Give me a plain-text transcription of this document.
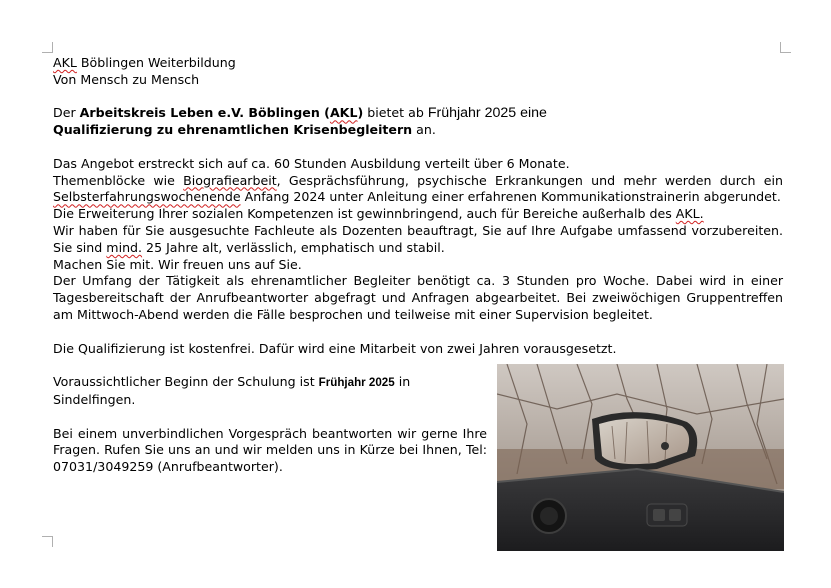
AKL Böblingen Weiterbildung

Von Mensch zu Mensch

Der Arbeitskreis Leben e.V. Böblingen (AKL) bietet ab Frühjahr 2025 eine
Qualifizierung zu ehrenamtlichen Krisenbegleitern an.

Das Angebot erstreckt sich auf ca. 60 Stunden Ausbildung verteilt über 6 Monate.

Themenblöcke wie Biografiearbeit, Gesprächsführung, psychische Erkrankungen und mehr werden durch ein Selbsterfahrungswochenende Anfang 2024 unter Anleitung einer erfahrenen Kommunikationstrainerin abgerundet.

Die Erweiterung Ihrer sozialen Kompetenzen ist gewinnbringend, auch für Bereiche außerhalb des AKL.

Wir haben für Sie ausgesuchte Fachleute als Dozenten beauftragt, Sie auf Ihre Aufgabe umfassend vorzubereiten. Sie sind mind. 25 Jahre alt, verlässlich, emphatisch und stabil.

Machen Sie mit. Wir freuen uns auf Sie.

Der Umfang der Tätigkeit als ehrenamtlicher Begleiter benötigt ca. 3 Stunden pro Woche. Dabei wird in einer Tagesbereitschaft der Anrufbeantworter abgefragt und Anfragen abgearbeitet. Bei zweiwöchigen Gruppentreffen am Mittwoch-Abend werden die Fälle besprochen und teilweise mit einer Supervision begleitet.

Die Qualifizierung ist kostenfrei. Dafür wird eine Mitarbeit von zwei Jahren vorausgesetzt.

Voraussichtlicher Beginn der Schulung ist Frühjahr 2025 in Sindelfingen.

Bei einem unverbindlichen Vorgespräch beantworten wir gerne Ihre Fragen. Rufen Sie uns an und wir melden uns in Kürze bei Ihnen, Tel: 07031/3049259 (Anrufbeantworter).
